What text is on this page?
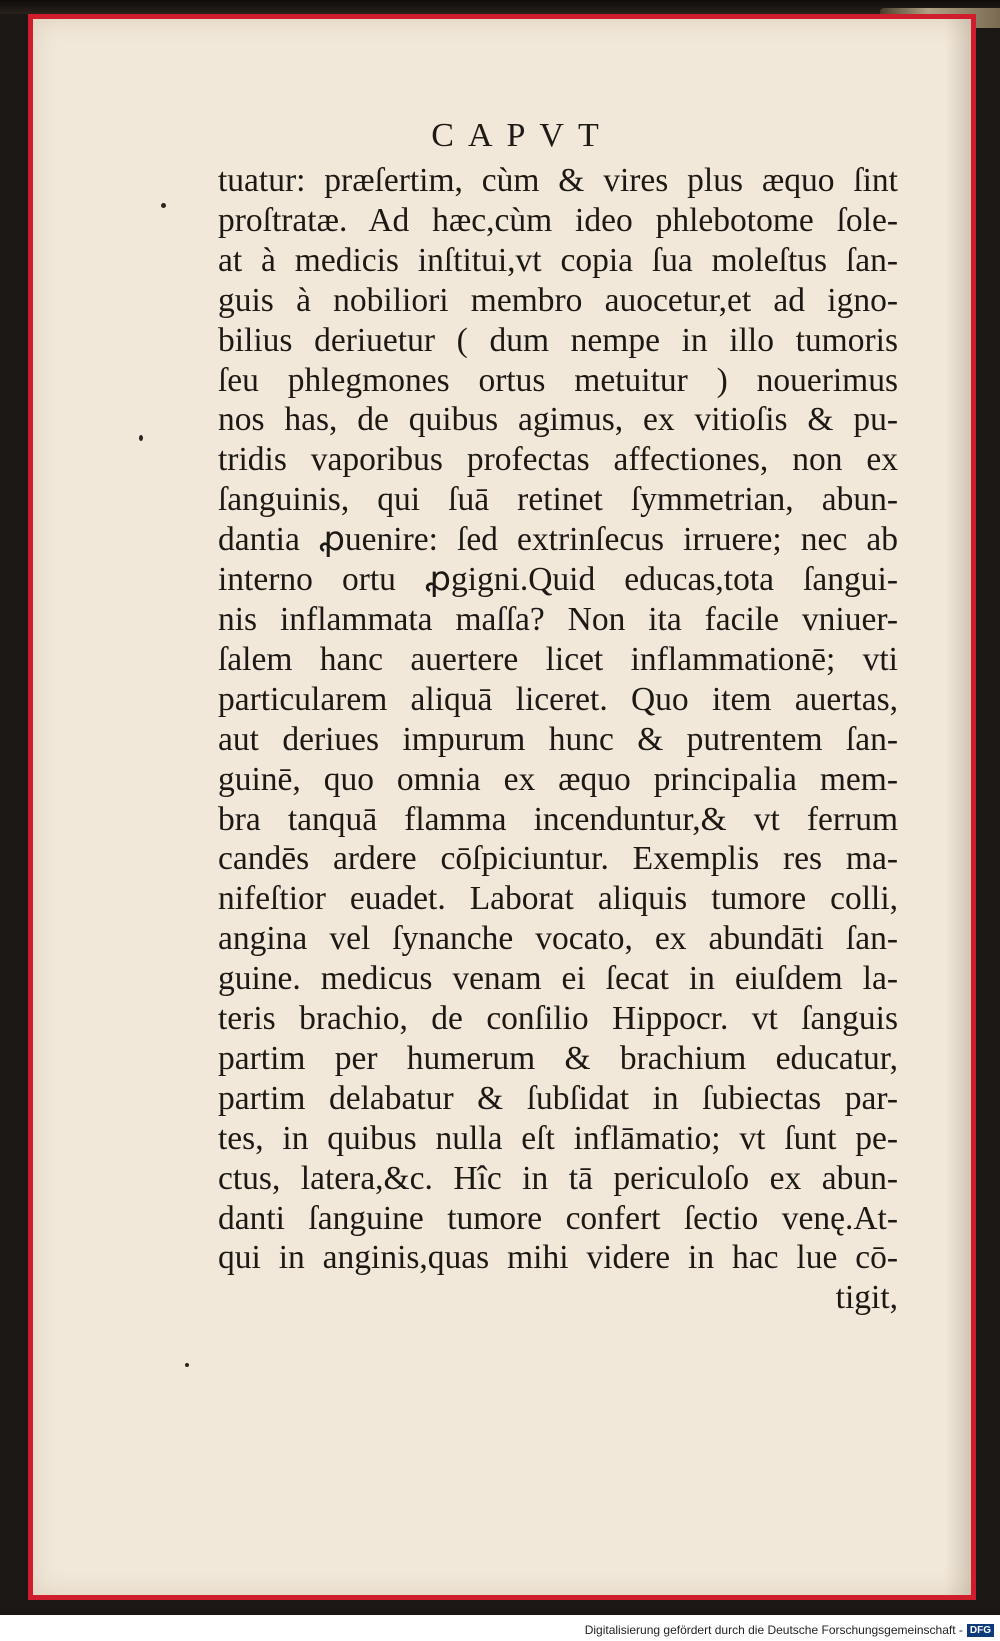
CAPVT
tuatur: præſertim, cùm & vires plus æquo ſint
proſtratæ. Ad hæc,cùm ideo phlebotome ſole-
at à medicis inſtitui,vt copia ſua moleſtus ſan-
guis à nobiliori membro auocetur,et ad igno-
bilius deriuetur ( dum nempe in illo tumoris
ſeu phlegmones ortus metuitur ) nouerimus
nos has, de quibus agimus, ex vitioſis & pu-
tridis vaporibus profectas affectiones, non ex
ſanguinis, qui ſuā retinet ſymmetrian, abun-
dantia ꝓuenire: ſed extrinſecus irruere; nec ab
interno ortu ꝓgigni.Quid educas,tota ſangui-
nis inflammata maſſa? Non ita facile vniuer-
ſalem hanc auertere licet inflammationē; vti
particularem aliquā liceret. Quo item auertas,
aut deriues impurum hunc & putrentem ſan-
guinē, quo omnia ex æquo principalia mem-
bra tanquā flamma incenduntur,& vt ferrum
candēs ardere cōſpiciuntur. Exemplis res ma-
nifeſtior euadet. Laborat aliquis tumore colli,
angina vel ſynanche vocato, ex abundāti ſan-
guine. medicus venam ei ſecat in eiuſdem la-
teris brachio, de conſilio Hippocr. vt ſanguis
partim per humerum & brachium educatur,
partim delabatur & ſubſidat in ſubiectas par-
tes, in quibus nulla eſt inflāmatio; vt ſunt pe-
ctus, latera,&c. Hîc in tā periculoſo ex abun-
danti ſanguine tumore confert ſectio venę.At-
qui in anginis,quas mihi videre in hac lue cō-
tigit,
Digitalisierung gefördert durch die Deutsche Forschungsgemeinschaft - DFG
